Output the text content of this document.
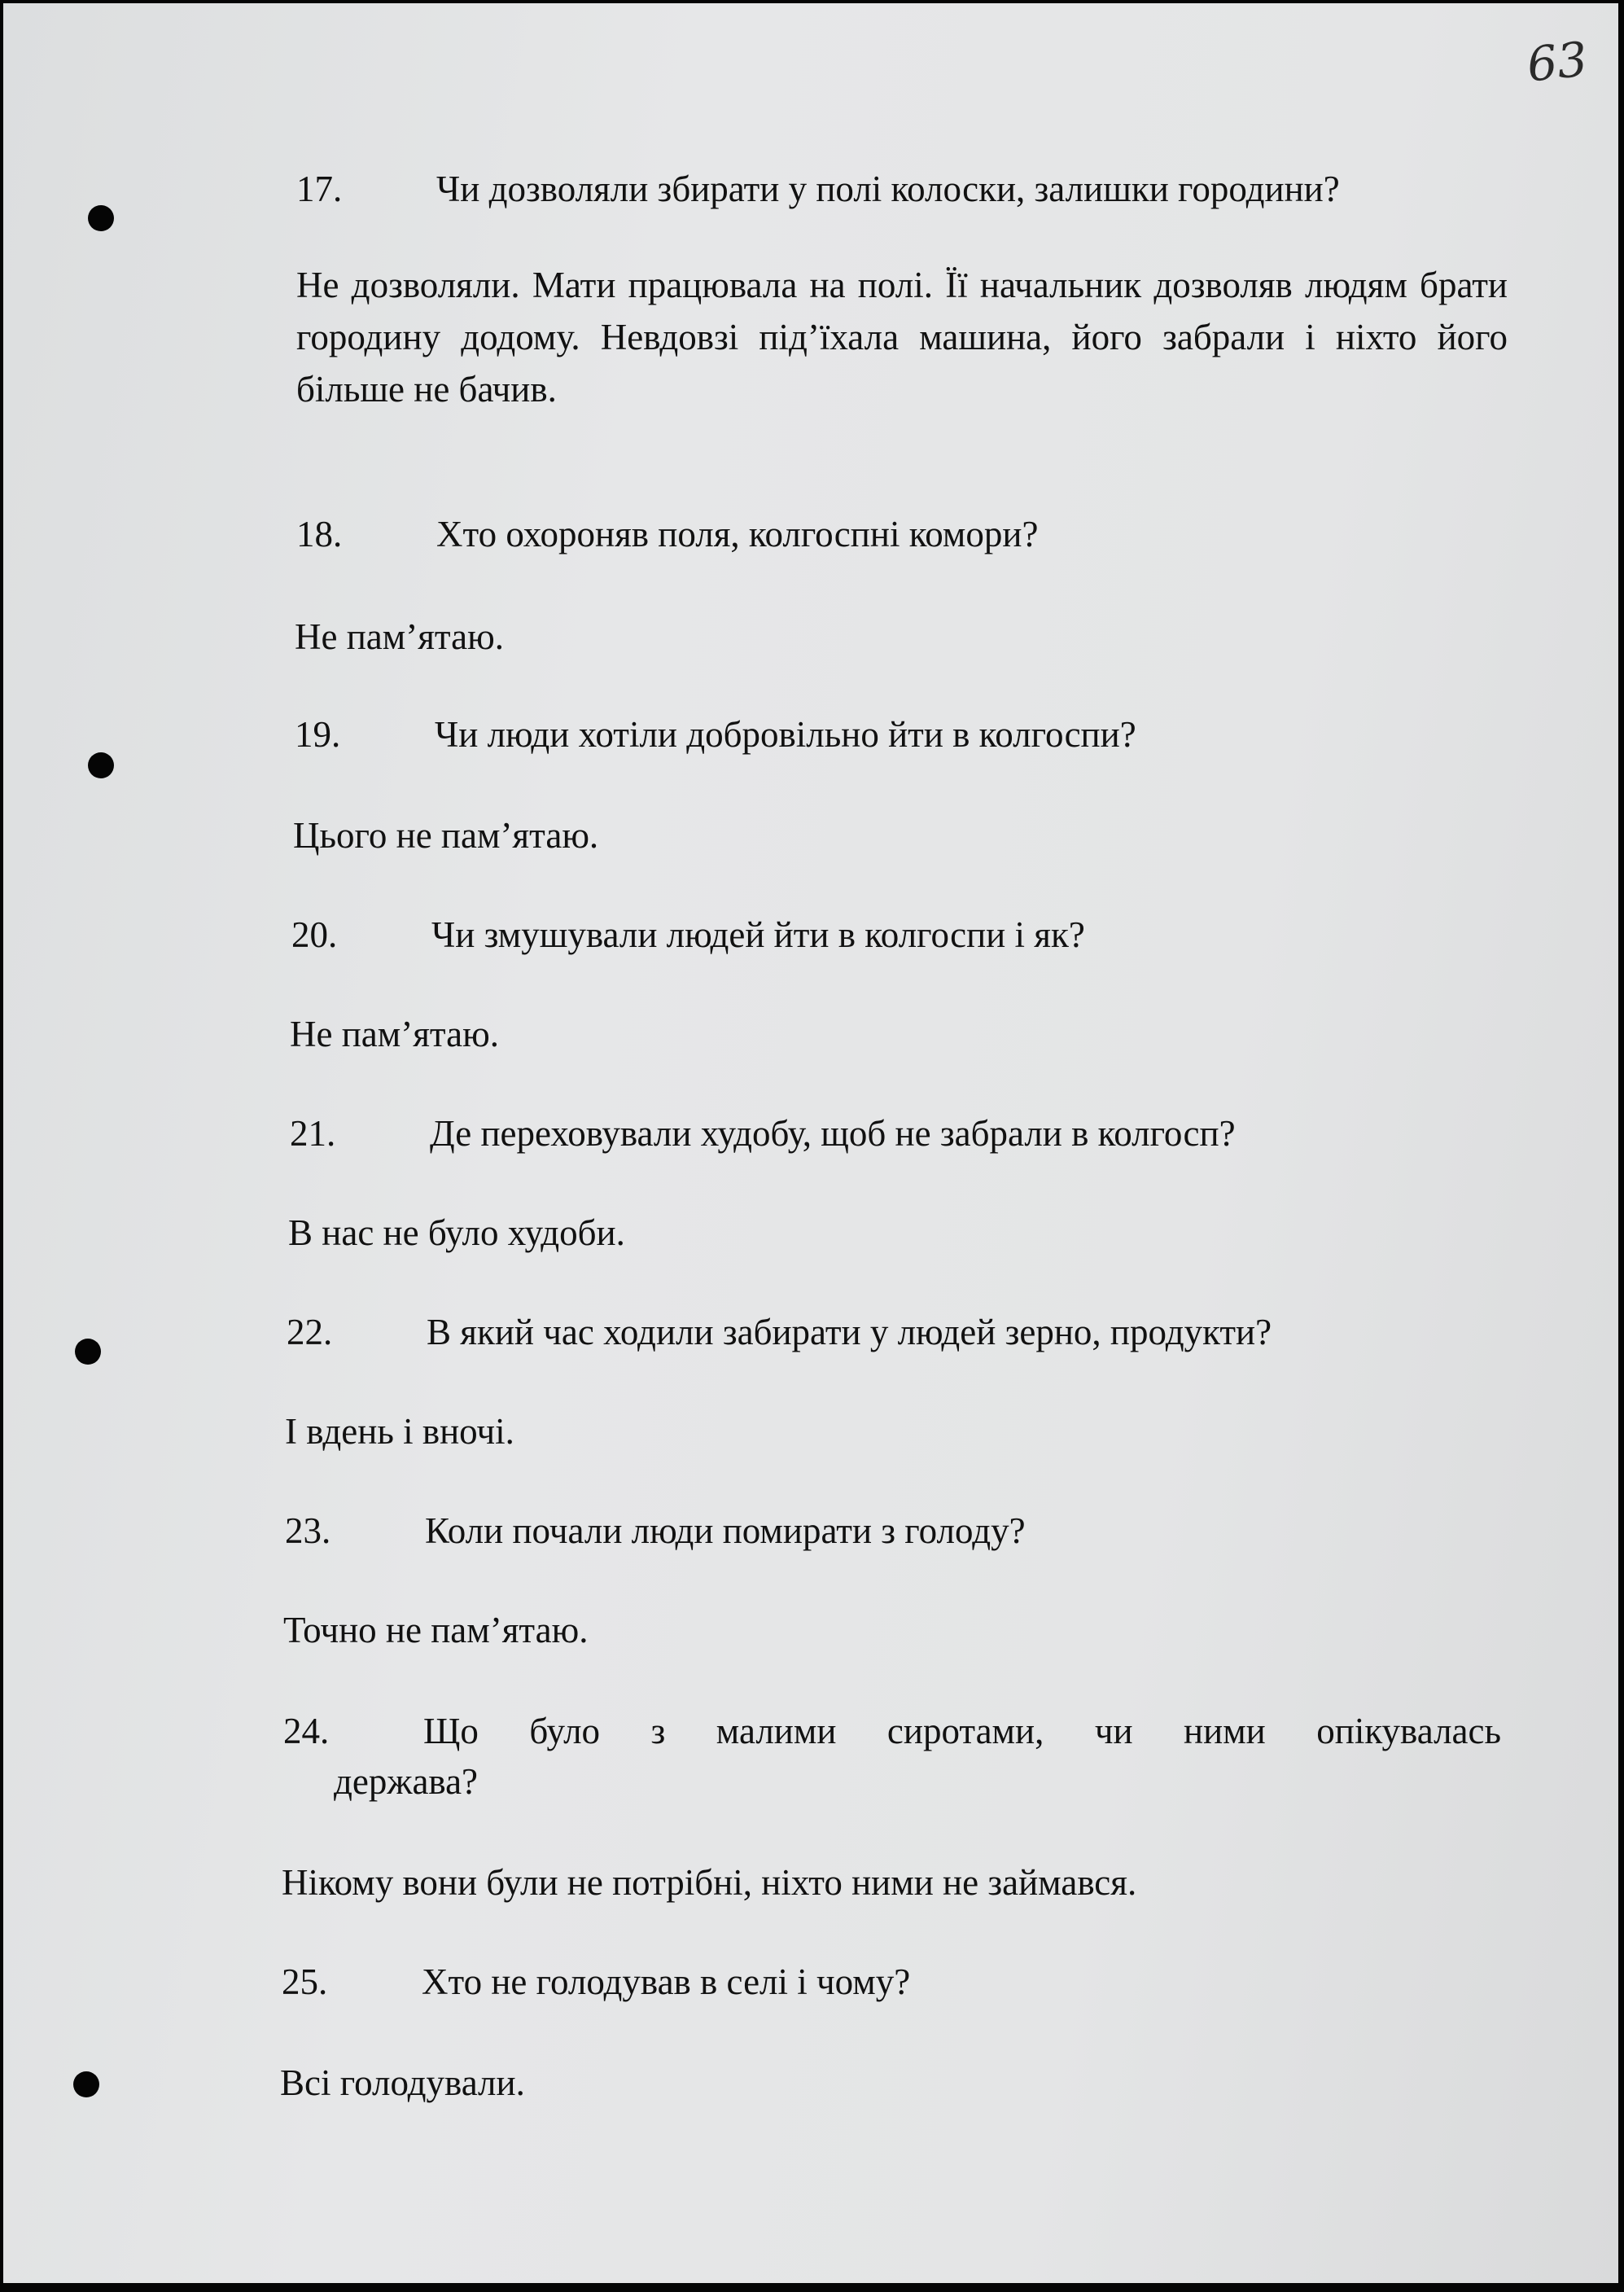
63
17.	Чи дозволяли збирати у полі колоски, залишки городини?
Не дозволяли. Мати працювала на полі. Її начальник дозволяв людям брати городину додому. Невдовзі під’їхала машина, його забрали і ніхто його більше не бачив.
18.	Хто охороняв поля, колгоспні комори?
Не пам’ятаю.
19.	Чи люди хотіли добровільно йти в колгоспи?
Цього не пам’ятаю.
20.	Чи змушували людей йти в колгоспи і як?
Не пам’ятаю.
21.	Де переховували худобу, щоб не забрали в колгосп?
В нас не було худоби.
22.	В який час ходили забирати у людей зерно, продукти?
І вдень і вночі.
23.	Коли почали люди помирати з голоду?
Точно не пам’ятаю.
24.	Що було з малими сиротами, чи ними опікувалась
держава?
Нікому вони були не потрібні, ніхто ними не займався.
25.	Хто не голодував в селі і чому?
Всі голодували.
